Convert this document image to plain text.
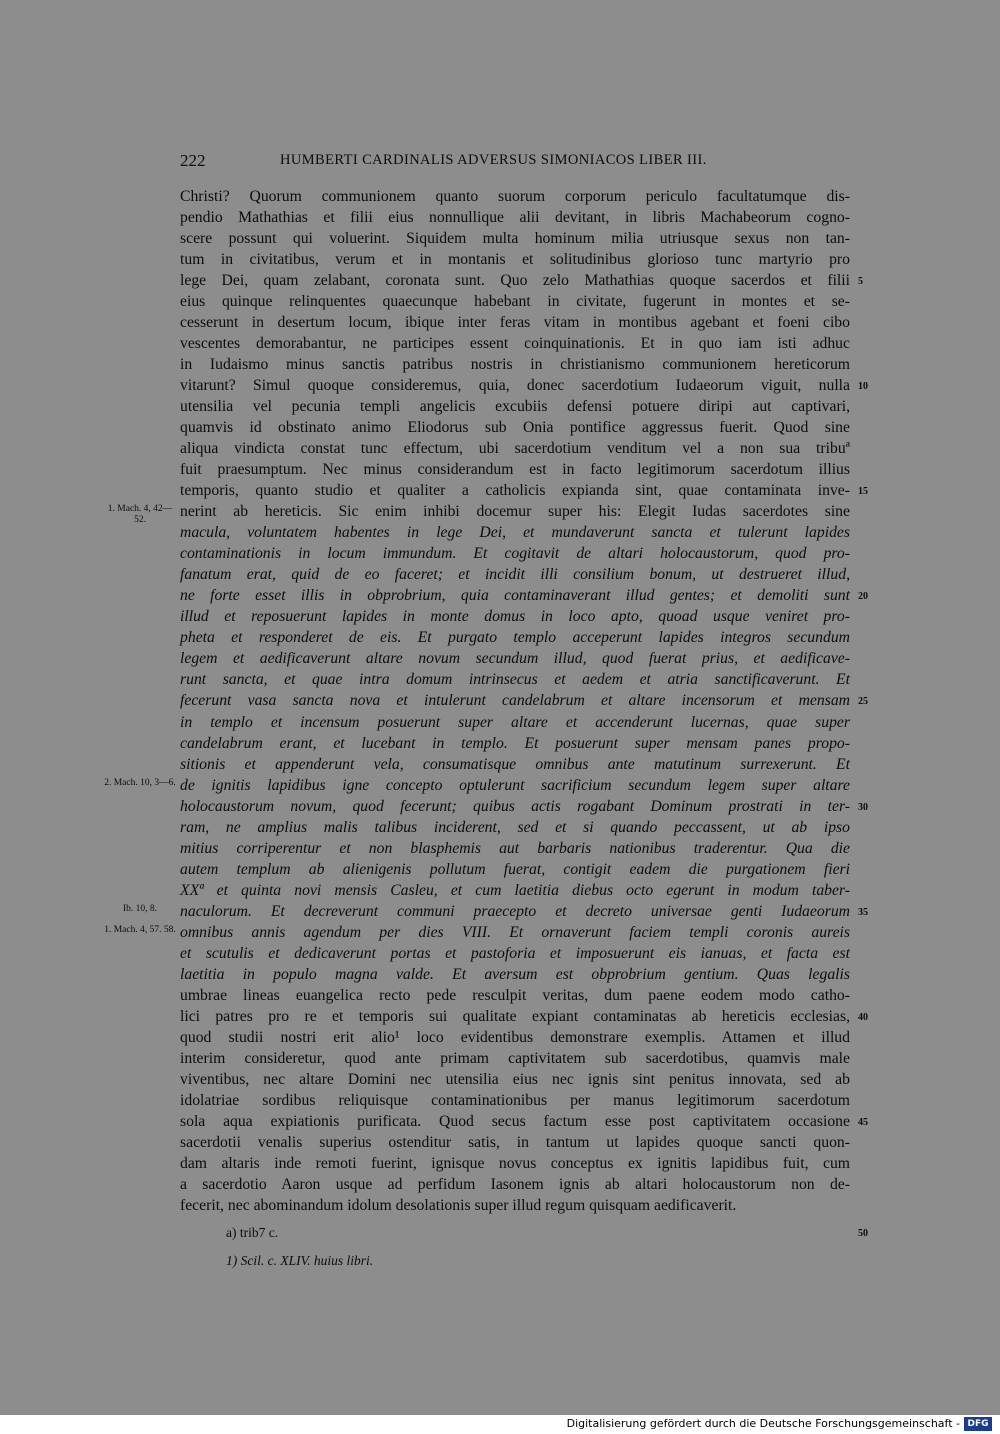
222	HUMBERTI CARDINALIS ADVERSUS SIMONIACOS LIBER III.
Christi? Quorum communionem quanto suorum corporum periculo facultatumque dis-
pendio Mathathias et filii eius nonnullique alii devitant, in libris Machabeorum cogno-
scere possunt qui voluerint. Siquidem multa hominum milia utriusque sexus non tan-
tum in civitatibus, verum et in montanis et solitudinibus glorioso tunc martyrio pro
lege Dei, quam zelabant, coronata sunt. Quo zelo Mathathias quoque sacerdos et filii
eius quinque relinquentes quaecunque habebant in civitate, fugerunt in montes et se-
cesserunt in desertum locum, ibique inter feras vitam in montibus agebant et foeni cibo
vescentes demorabantur, ne participes essent coinquinationis. Et in quo iam isti adhuc
in Iudaismo minus sanctis patribus nostris in christianismo communionem hereticorum
vitarunt? Simul quoque consideremus, quia, donec sacerdotium Iudaeorum viguit, nulla
utensilia vel pecunia templi angelicis excubiis defensi potuere diripi aut captivari,
quamvis id obstinato animo Eliodorus sub Onia pontifice aggressus fuerit. Quod sine
aliqua vindicta constat tunc effectum, ubi sacerdotium venditum vel a non sua tribuª
fuit praesumptum. Nec minus considerandum est in facto legitimorum sacerdotum illius
temporis, quanto studio et qualiter a catholicis expianda sint, quae contaminata inve-
nerint ab hereticis. Sic enim inhibi docemur super his: Elegit Iudas sacerdotes sine
macula, voluntatem habentes in lege Dei, et mundaverunt sancta et tulerunt lapides
contaminationis in locum immundum. Et cogitavit de altari holocaustorum, quod pro-
fanatum erat, quid de eo faceret; et incidit illi consilium bonum, ut destrueret illud,
ne forte esset illis in obprobrium, quia contaminaverant illud gentes; et demoliti sunt
illud et reposuerunt lapides in monte domus in loco apto, quoad usque veniret pro-
pheta et responderet de eis. Et purgato templo acceperunt lapides integros secundum
legem et aedificaverunt altare novum secundum illud, quod fuerat prius, et aedificave-
runt sancta, et quae intra domum intrinsecus et aedem et atria sanctificaverunt. Et
fecerunt vasa sancta nova et intulerunt candelabrum et altare incensorum et mensam
in templo et incensum posuerunt super altare et accenderunt lucernas, quae super
candelabrum erant, et lucebant in templo. Et posuerunt super mensam panes propo-
sitionis et appenderunt vela, consumatisque omnibus ante matutinum surrexerunt. Et
de ignitis lapidibus igne concepto optulerunt sacrificium secundum legem super altare
holocaustorum novum, quod fecerunt; quibus actis rogabant Dominum prostrati in ter-
ram, ne amplius malis talibus inciderent, sed et si quando peccassent, ut ab ipso
mitius corriperentur et non blasphemis aut barbaris nationibus traderentur. Qua die
autem templum ab alienigenis pollutum fuerat, contigit eadem die purgationem fieri
XXª et quinta novi mensis Casleu, et cum laetitia diebus octo egerunt in modum taber-
naculorum. Et decreverunt communi praecepto et decreto universae genti Iudaeorum
omnibus annis agendum per dies VIII. Et ornaverunt faciem templi coronis aureis
et scutulis et dedicaverunt portas et pastoforia et imposuerunt eis ianuas, et facta est
laetitia in populo magna valde. Et aversum est obprobrium gentium. Quas legalis
umbrae lineas euangelica recto pede resculpit veritas, dum paene eodem modo catho-
lici patres pro re et temporis sui qualitate expiant contaminatas ab hereticis ecclesias,
quod studii nostri erit alio¹ loco evidentibus demonstrare exemplis. Attamen et illud
interim consideretur, quod ante primam captivitatem sub sacerdotibus, quamvis male
viventibus, nec altare Domini nec utensilia eius nec ignis sint penitus innovata, sed ab
idolatriae sordibus reliquisque contaminationibus per manus legitimorum sacerdotum
sola aqua expiationis purificata. Quod secus factum esse post captivitatem occasione
sacerdotii venalis superius ostenditur satis, in tantum ut lapides quoque sancti quon-
dam altaris inde remoti fuerint, ignisque novus conceptus ex ignitis lapidibus fuit, cum
a sacerdotio Aaron usque ad perfidum Iasonem ignis ab altari holocaustorum non de-
fecerit, nec abominandum idolum desolationis super illud regum quisquam aedificaverit.
5
10
15
20
25
30
35
40
45
1. Mach. 4, 42—52.
2. Mach. 10, 3—6.
Ib. 10, 8.
1. Mach. 4, 57. 58.
a) trib7 c.	50
1) Scil. c. XLIV. huius libri.
Digitalisierung gefördert durch die Deutsche Forschungsgemeinschaft - DFG
